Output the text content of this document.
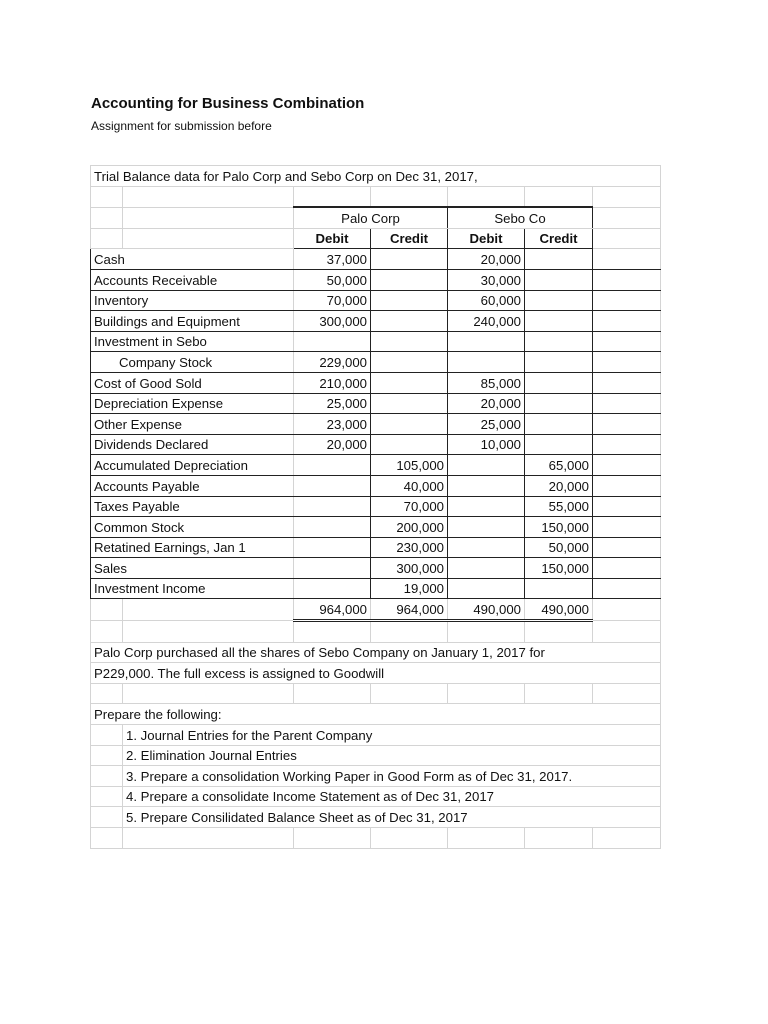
Accounting for Business Combination
Assignment for submission before
Trial Balance data for Palo Corp and Sebo Corp on Dec 31, 2017,						

		Palo Corp		Sebo Co		
		Debit	Credit	Debit	Credit	
Cash		37,000		20,000		
Accounts Receivable		50,000		30,000		
Inventory		70,000		60,000		
Buildings and Equipment		300,000		240,000		
Investment in Sebo						
Company Stock		229,000				
Cost of Good Sold		210,000		85,000		
Depreciation Expense		25,000		20,000		
Other Expense		23,000		25,000		
Dividends Declared		20,000		10,000		
Accumulated Depreciation			105,000		65,000	
Accounts Payable			40,000		20,000	
Taxes Payable			70,000		55,000	
Common Stock			200,000		150,000	
Retatined Earnings, Jan 1			230,000		50,000	
Sales			300,000		150,000	
Investment Income			19,000			
		964,000	964,000	490,000	490,000	

Palo Corp purchased all the shares of Sebo Company on January 1, 2017 for						
P229,000. The full excess is assigned to Goodwill						

Prepare the following:						
	1. Journal Entries for the Parent Company					
	2. Elimination Journal Entries					
	3. Prepare a consolidation Working Paper in Good Form as of Dec 31, 2017.					
	4. Prepare a consolidate Income Statement as of Dec 31, 2017					
	5. Prepare Consilidated Balance Sheet as of Dec 31, 2017					
